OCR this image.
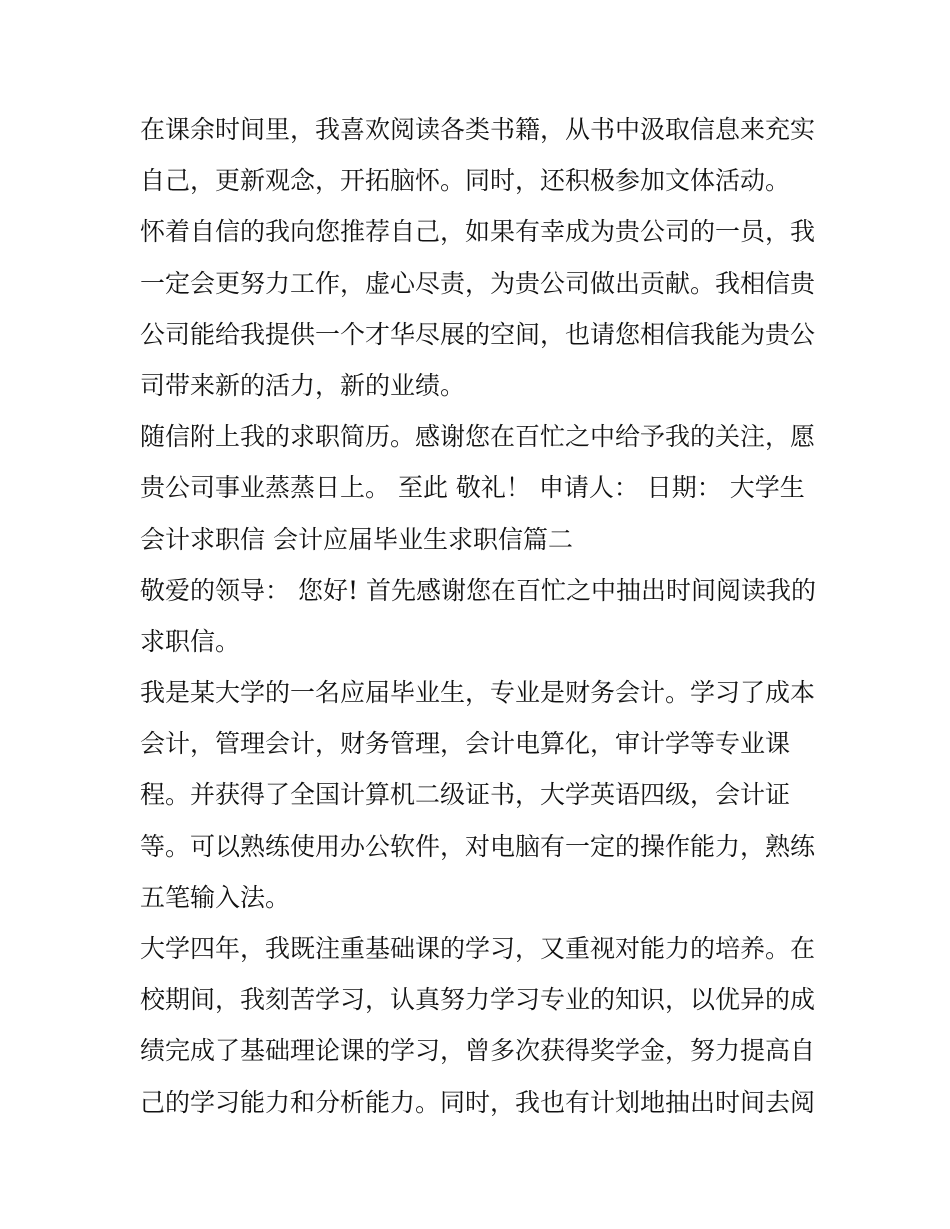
在课余时间里，我喜欢阅读各类书籍，从书中汲取信息来充实
自己，更新观念，开拓脑怀。同时，还积极参加文体活动。
怀着自信的我向您推荐自己，如果有幸成为贵公司的一员，我
一定会更努力工作，虚心尽责，为贵公司做出贡献。我相信贵
公司能给我提供一个才华尽展的空间，也请您相信我能为贵公
司带来新的活力，新的业绩。
随信附上我的求职简历。感谢您在百忙之中给予我的关注，愿
贵公司事业蒸蒸日上。 至此 敬礼！ 申请人： 日期： 大学生
会计求职信 会计应届毕业生求职信篇二
敬爱的领导： 您好! 首先感谢您在百忙之中抽出时间阅读我的
求职信。
我是某大学的一名应届毕业生，专业是财务会计。学习了成本
会计，管理会计，财务管理，会计电算化，审计学等专业课
程。并获得了全国计算机二级证书，大学英语四级，会计证
等。可以熟练使用办公软件，对电脑有一定的操作能力，熟练
五笔输入法。
大学四年，我既注重基础课的学习，又重视对能力的培养。在
校期间，我刻苦学习，认真努力学习专业的知识，以优异的成
绩完成了基础理论课的学习，曾多次获得奖学金，努力提高自
己的学习能力和分析能力。同时，我也有计划地抽出时间去阅
